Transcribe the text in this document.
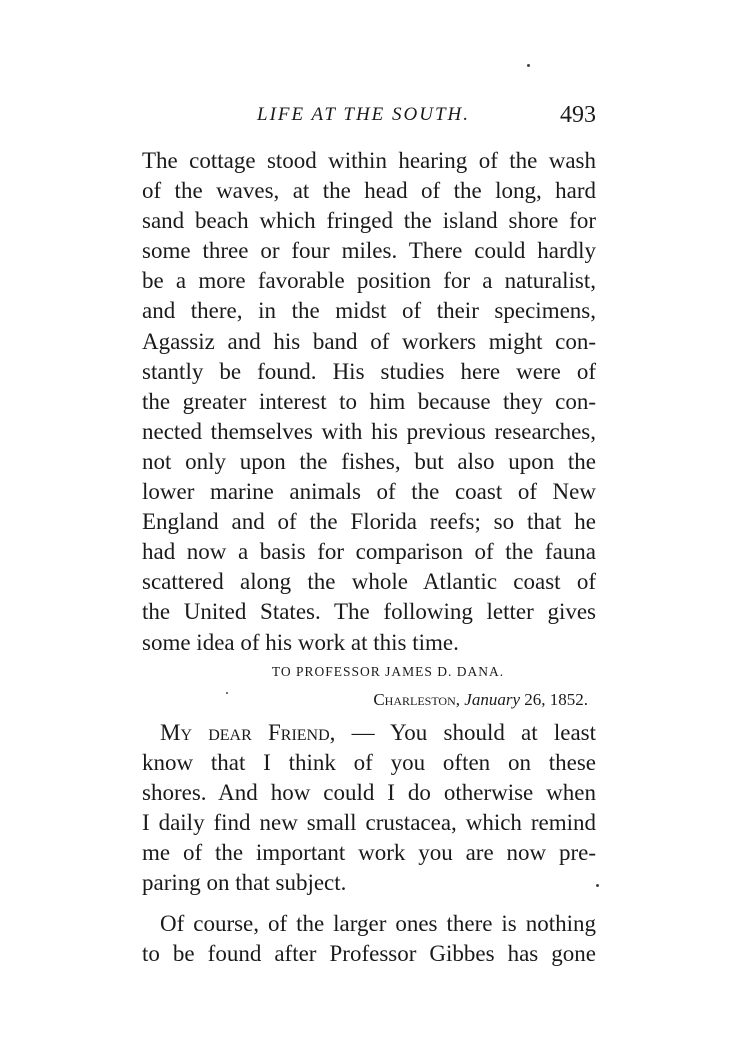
LIFE AT THE SOUTH.	493
The cottage stood within hearing of the wash
of the waves, at the head of the long, hard
sand beach which fringed the island shore for
some three or four miles. There could hardly
be a more favorable position for a naturalist,
and there, in the midst of their specimens,
Agassiz and his band of workers might con-
stantly be found. His studies here were of
the greater interest to him because they con-
nected themselves with his previous researches,
not only upon the fishes, but also upon the
lower marine animals of the coast of New
England and of the Florida reefs; so that he
had now a basis for comparison of the fauna
scattered along the whole Atlantic coast of
the United States. The following letter gives
some idea of his work at this time.
TO PROFESSOR JAMES D. DANA.
Charleston, January 26, 1852.
My dear Friend, — You should at least
know that I think of you often on these
shores. And how could I do otherwise when
I daily find new small crustacea, which remind
me of the important work you are now pre-
paring on that subject.
Of course, of the larger ones there is nothing
to be found after Professor Gibbes has gone
